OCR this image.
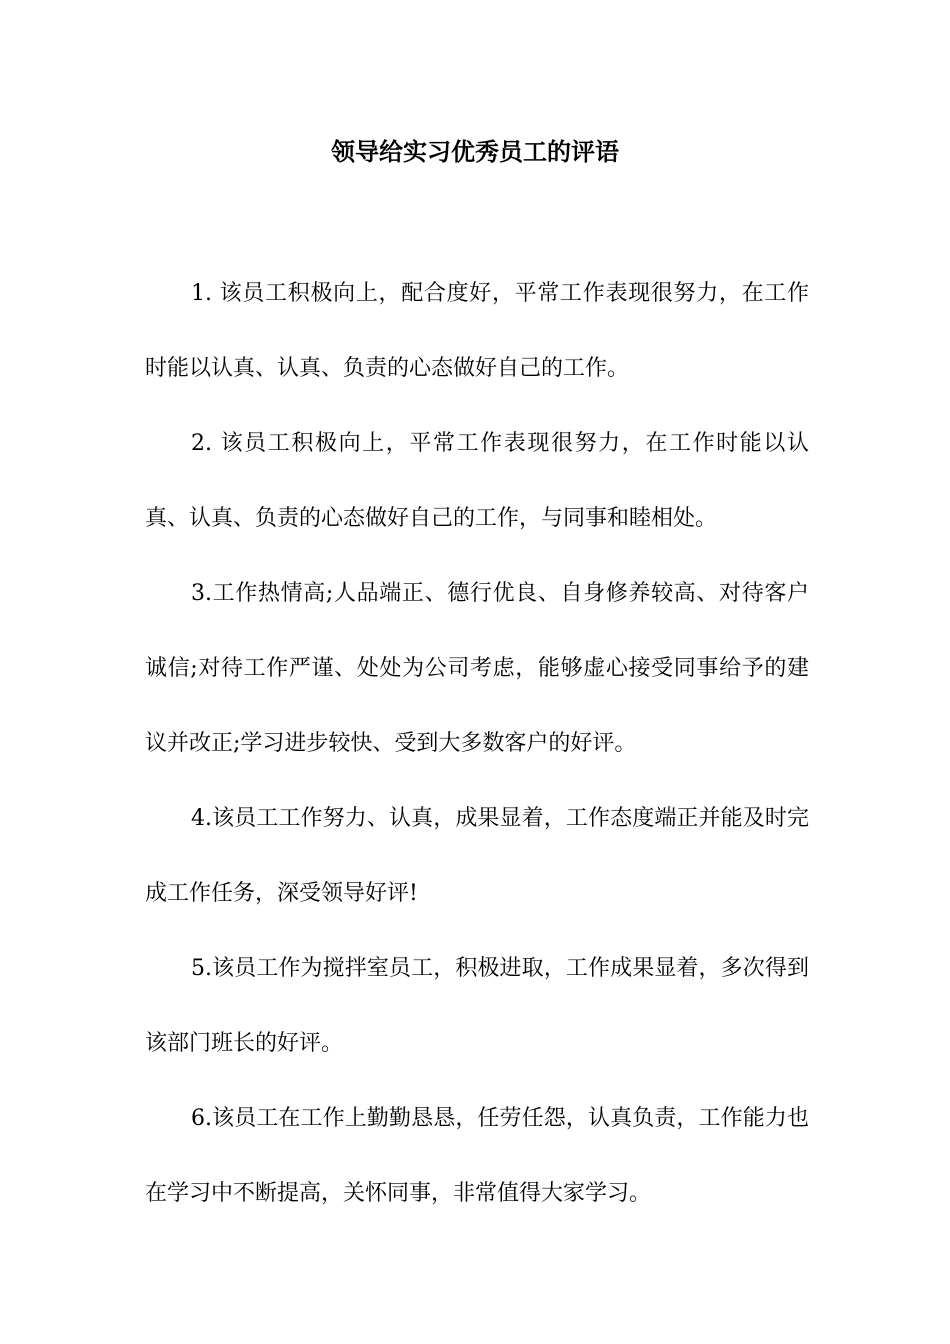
领导给实习优秀员工的评语

1. 该员工积极向上，配合度好，平常工作表现很努力，在工作时能以认真、认真、负责的心态做好自己的工作。

2. 该员工积极向上，平常工作表现很努力，在工作时能以认真、认真、负责的心态做好自己的工作，与同事和睦相处。

3.工作热情高;人品端正、德行优良、自身修养较高、对待客户诚信;对待工作严谨、处处为公司考虑，能够虚心接受同事给予的建议并改正;学习进步较快、受到大多数客户的好评。

4.该员工工作努力、认真，成果显着，工作态度端正并能及时完成工作任务，深受领导好评!

5.该员工作为搅拌室员工，积极进取，工作成果显着，多次得到该部门班长的好评。

6.该员工在工作上勤勤恳恳，任劳任怨，认真负责，工作能力也在学习中不断提高，关怀同事，非常值得大家学习。
